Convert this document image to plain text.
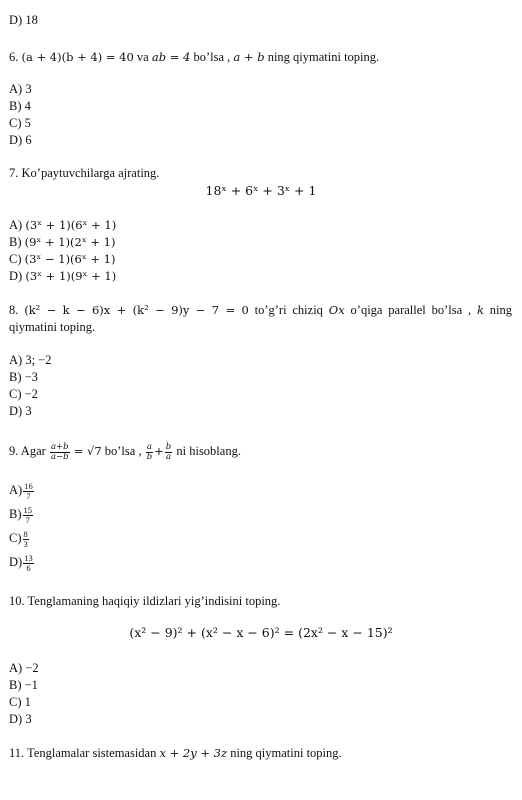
D) 18
6. (a + 4)(b + 4) = 40 va ab = 4 bo’lsa , a + b ning qiymatini toping.
A) 3
B) 4
C) 5
D) 6
7. Ko’paytuvchilarga ajrating.
18ˣ + 6ˣ + 3ˣ + 1
A) (3ˣ + 1)(6ˣ + 1)
B) (9ˣ + 1)(2ˣ + 1)
C) (3ˣ − 1)(6ˣ + 1)
D) (3ˣ + 1)(9ˣ + 1)
8. (k² − k − 6)x + (k² − 9)y − 7 = 0 to’g’ri chiziq Ox o’qiga parallel bo’lsa , k ning
qiymatini toping.
A) 3; −2
B) −3
C) −2
D) 3
9. Agar $\frac{a+b}{a-b} = √7$ bo’lsa , $\frac{a}{b} + \frac{b}{a}$ ni hisoblang.
$A) \frac{16}{7}$
$B) \frac{15}{7}$
$C) \frac{8}{3}$
$D) \frac{13}{6}$
10. Tenglamaning haqiqiy ildizlari yig’indisini toping.
(x² − 9)² + (x² − x − 6)² = (2x² − x − 15)²
A) −2
B) −1
C) 1
D) 3
11. Tenglamalar sistemasidan x + 2y + 3z ning qiymatini toping.
